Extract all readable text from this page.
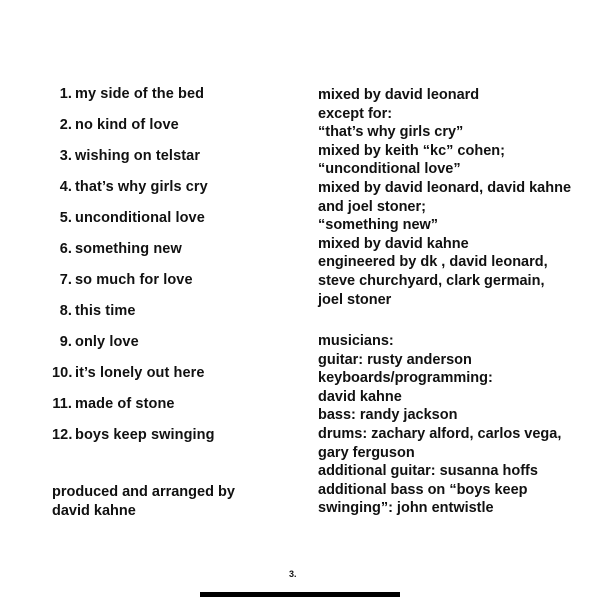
1. my side of the bed
2. no kind of love
3. wishing on telstar
4. that’s why girls cry
5. unconditional love
6. something new
7. so much for love
8. this time
9. only love
10. it’s lonely out here
11. made of stone
12. boys keep swinging
produced and arranged by
david kahne
mixed by david leonard
except for:
“that’s why girls cry”
mixed by keith “kc” cohen;
“unconditional love”
mixed by david leonard, david kahne
and joel stoner;
“something new”
mixed by david kahne
engineered by dk , david leonard,
steve churchyard, clark germain,
joel stoner
musicians:
guitar: rusty anderson
keyboards/programming:
david kahne
bass: randy jackson
drums: zachary alford, carlos vega,
gary ferguson
additional guitar: susanna hoffs
additional bass on “boys keep
swinging”: john entwistle
3.
